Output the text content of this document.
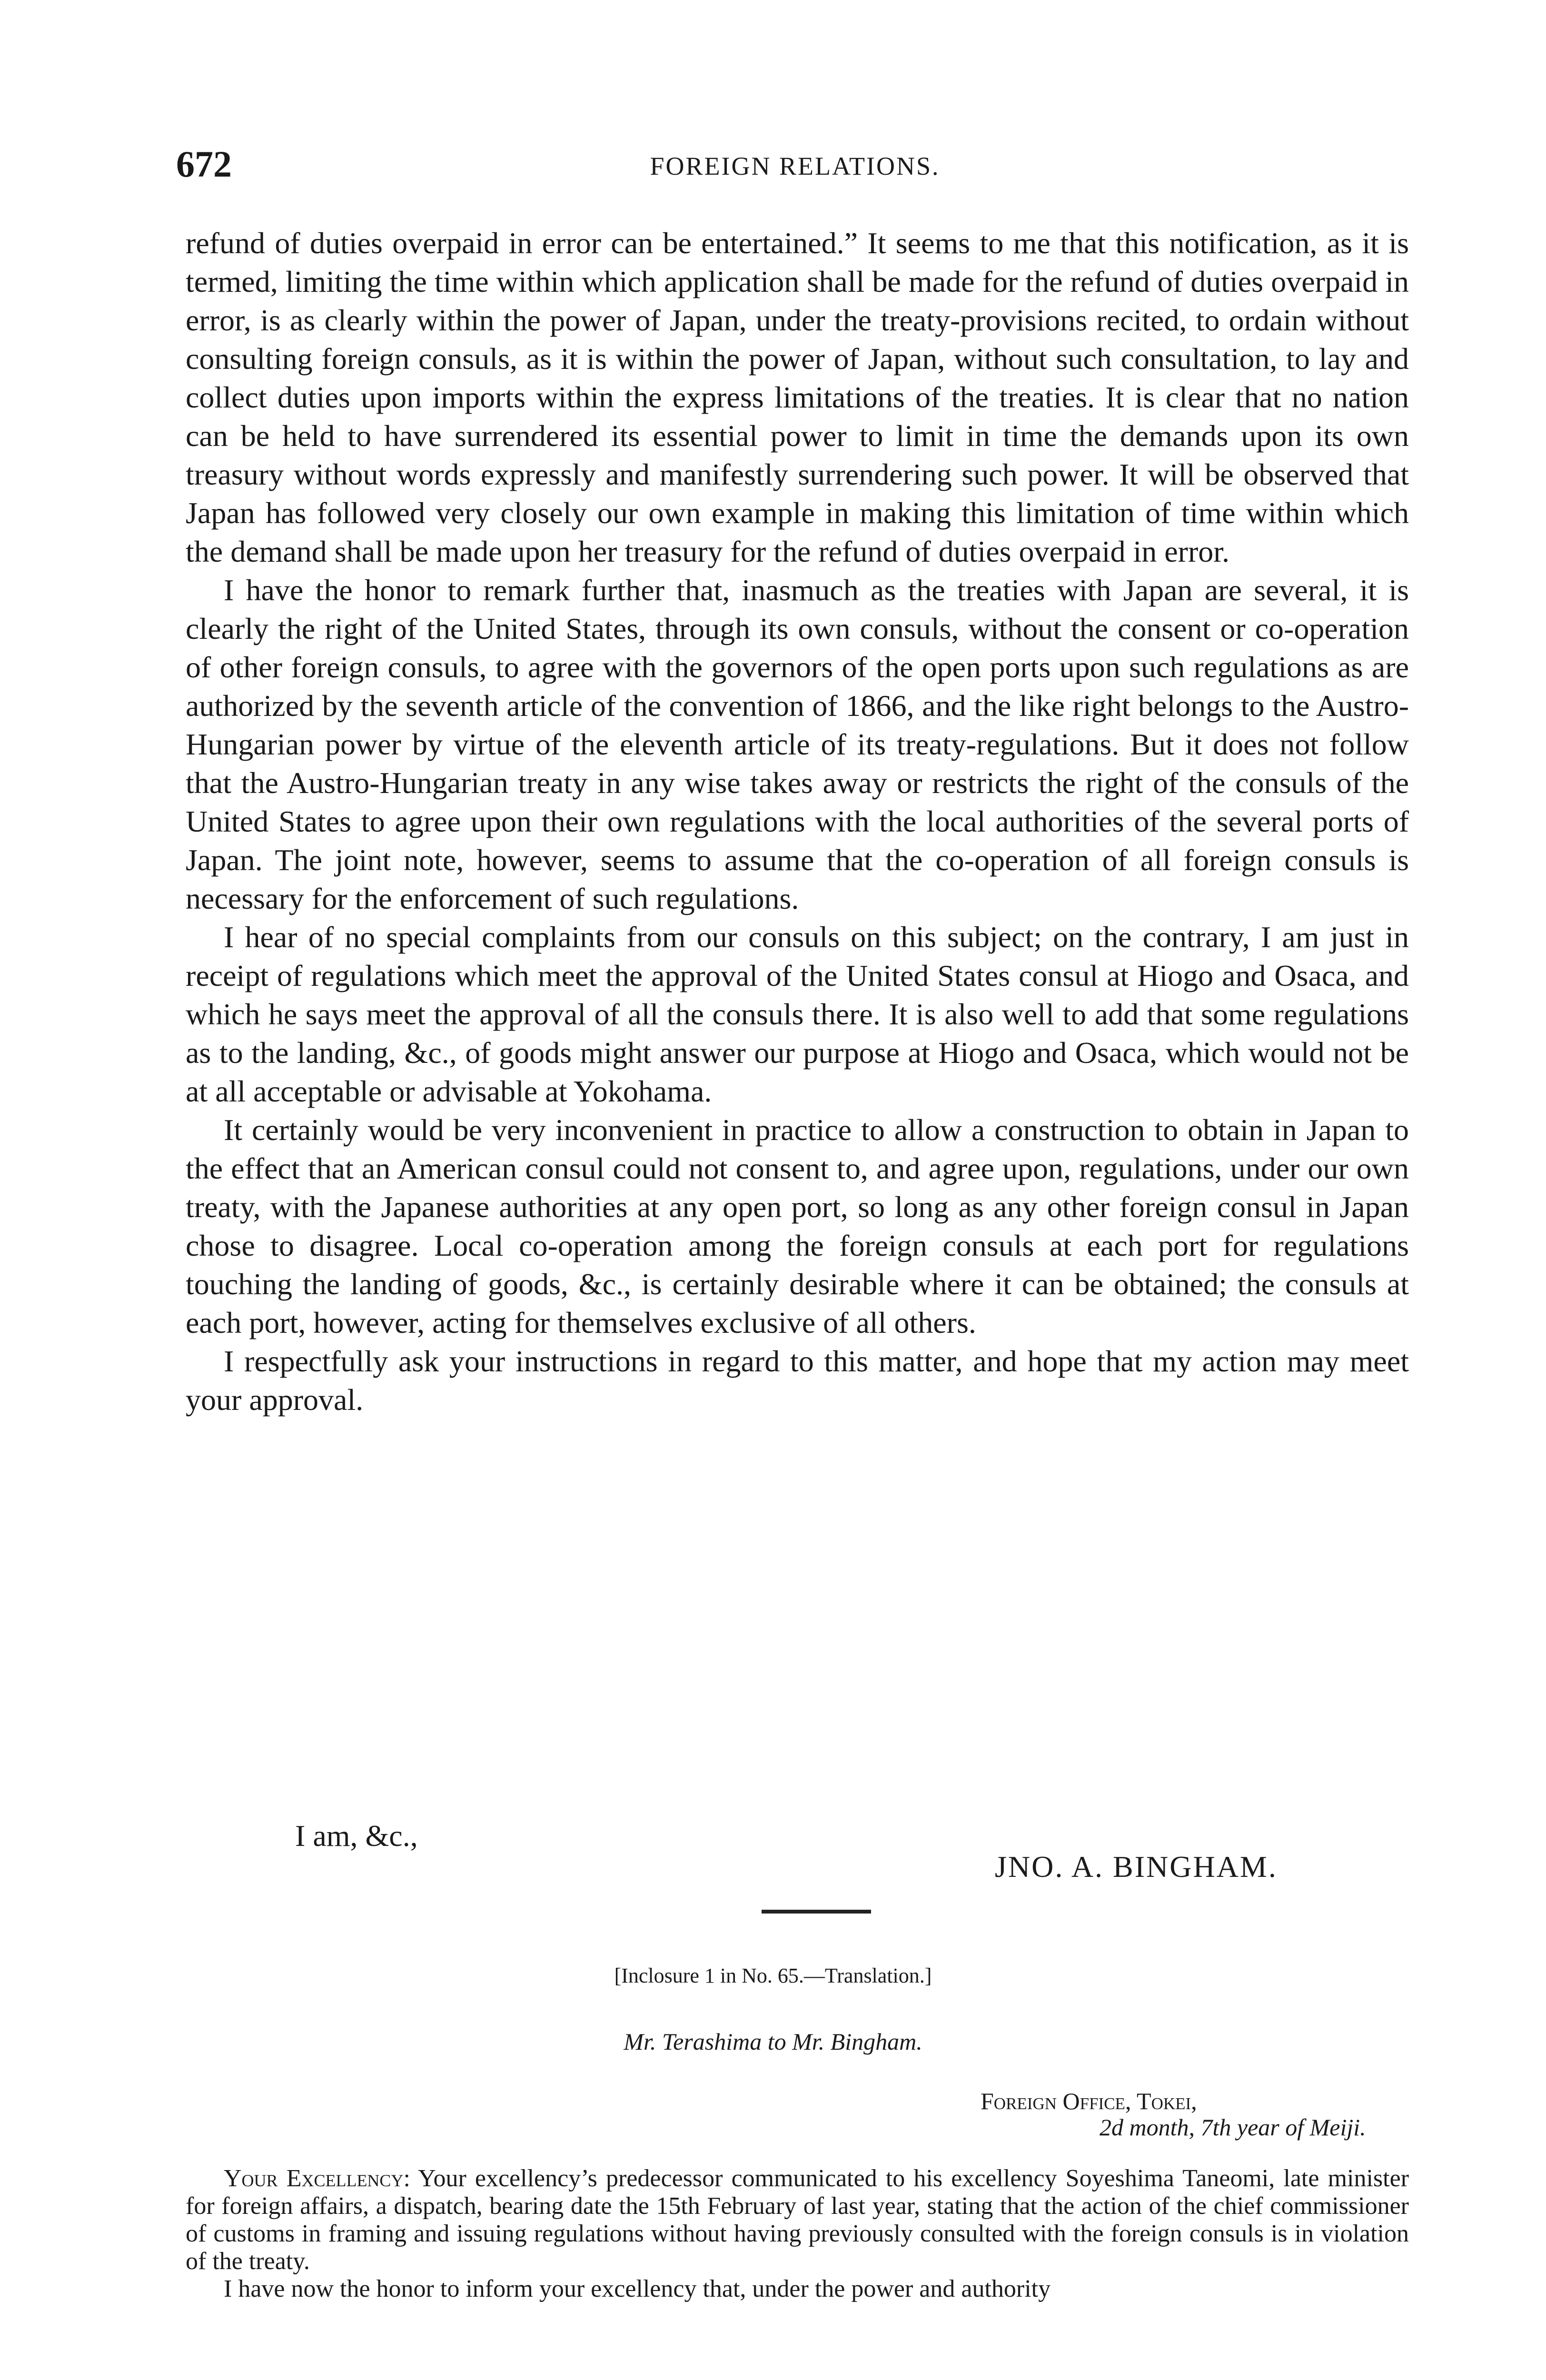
672	FOREIGN RELATIONS.

refund of duties overpaid in error can be entertained.” It seems to me that this notification, as it is termed, limiting the time within which application shall be made for the refund of duties overpaid in error, is as clearly within the power of Japan, under the treaty-provisions recited, to ordain without consulting foreign consuls, as it is within the power of Japan, without such consultation, to lay and collect duties upon imports within the express limitations of the treaties. It is clear that no nation can be held to have surrendered its essential power to limit in time the demands upon its own treasury without words expressly and manifestly surrendering such power. It will be observed that Japan has followed very closely our own example in making this limitation of time within which the demand shall be made upon her treasury for the refund of duties overpaid in error.

I have the honor to remark further that, inasmuch as the treaties with Japan are several, it is clearly the right of the United States, through its own consuls, without the consent or co-operation of other foreign consuls, to agree with the governors of the open ports upon such regulations as are authorized by the seventh article of the convention of 1866, and the like right belongs to the Austro-Hungarian power by virtue of the eleventh article of its treaty-regulations. But it does not follow that the Austro-Hungarian treaty in any wise takes away or restricts the right of the consuls of the United States to agree upon their own regulations with the local authorities of the several ports of Japan. The joint note, however, seems to assume that the co-operation of all foreign consuls is necessary for the enforcement of such regulations.

I hear of no special complaints from our consuls on this subject; on the contrary, I am just in receipt of regulations which meet the approval of the United States consul at Hiogo and Osaca, and which he says meet the approval of all the consuls there. It is also well to add that some regulations as to the landing, &c., of goods might answer our purpose at Hiogo and Osaca, which would not be at all acceptable or advisable at Yokohama.

It certainly would be very inconvenient in practice to allow a construction to obtain in Japan to the effect that an American consul could not consent to, and agree upon, regulations, under our own treaty, with the Japanese authorities at any open port, so long as any other foreign consul in Japan chose to disagree. Local co-operation among the foreign consuls at each port for regulations touching the landing of goods, &c., is certainly desirable where it can be obtained; the consuls at each port, however, acting for themselves exclusive of all others.

I respectfully ask your instructions in regard to this matter, and hope that my action may meet your approval.

I am, &c.,
JNO. A. BINGHAM.
[Inclosure 1 in No. 65.—Translation.]
Mr. Terashima to Mr. Bingham.
Foreign Office, Tokei,
2d month, 7th year of Meiji.

Your Excellency: Your excellency’s predecessor communicated to his excellency Soyeshima Taneomi, late minister for foreign affairs, a dispatch, bearing date the 15th February of last year, stating that the action of the chief commissioner of customs in framing and issuing regulations without having previously consulted with the foreign consuls is in violation of the treaty.

I have now the honor to inform your excellency that, under the power and authority
